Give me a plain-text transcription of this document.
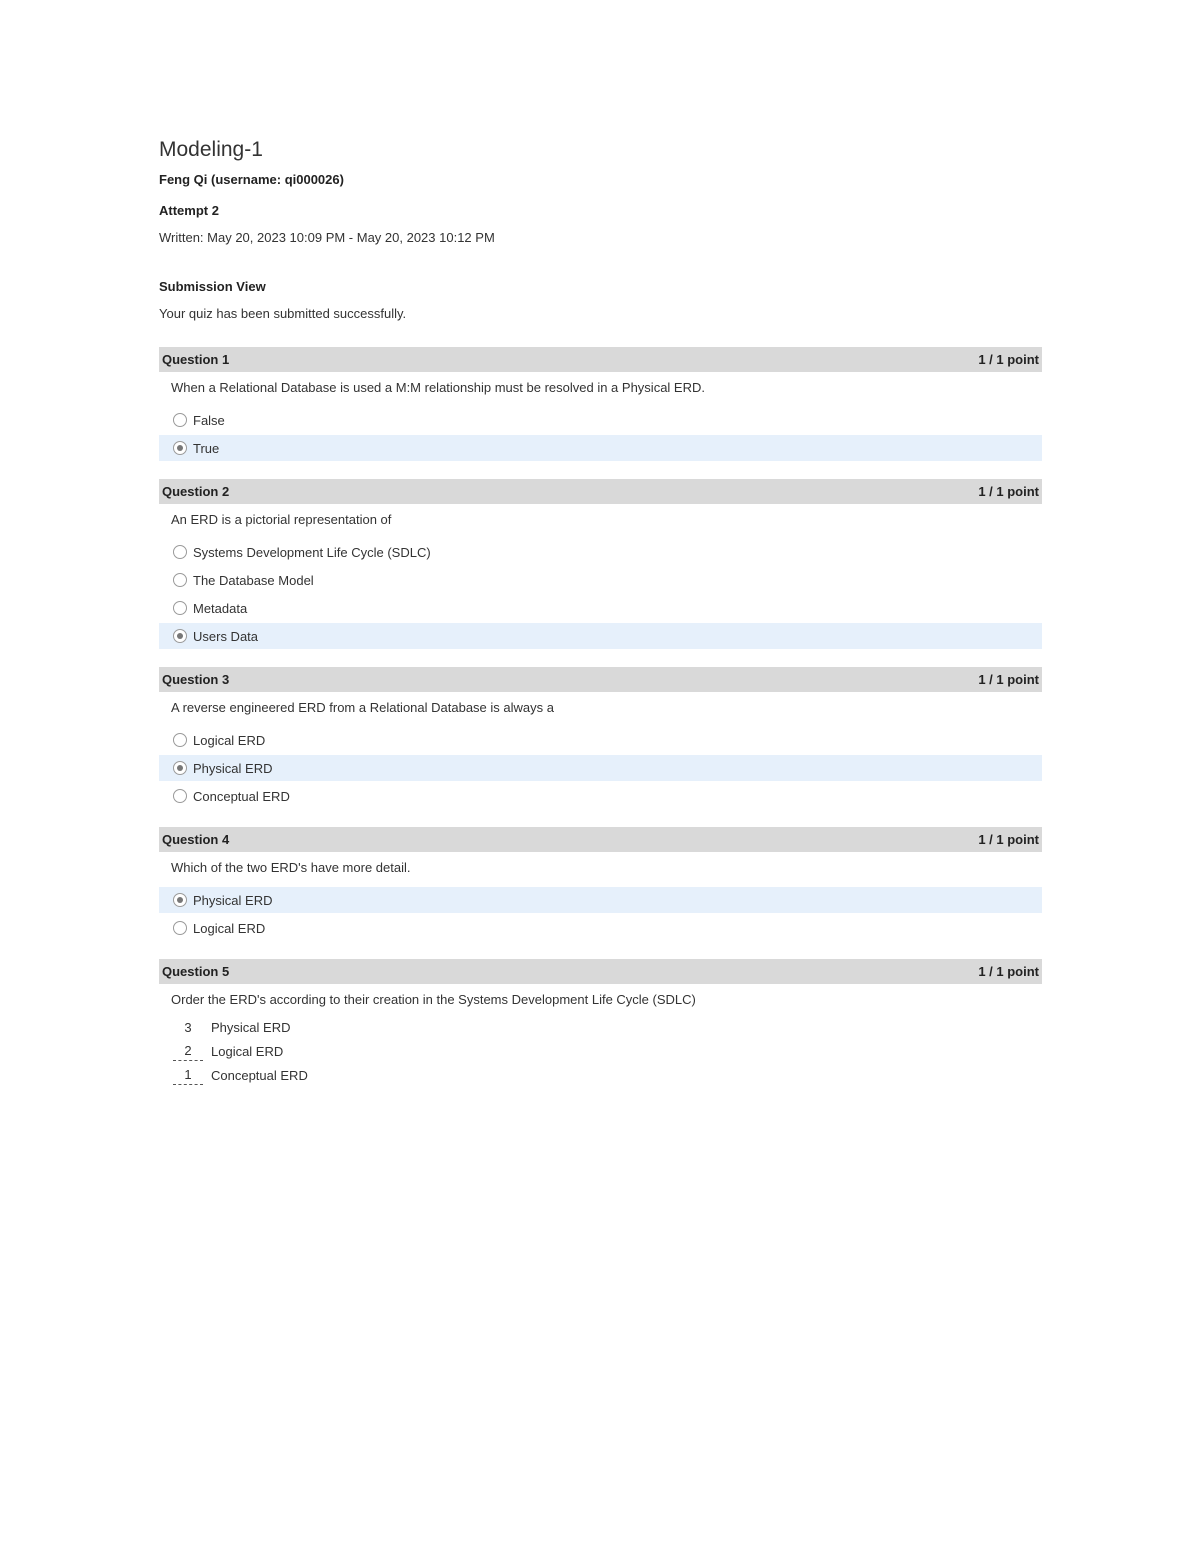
Modeling-1
Feng Qi (username: qi000026)
Attempt 2
Written: May 20, 2023 10:09 PM - May 20, 2023 10:12 PM
Submission View
Your quiz has been submitted successfully.
Question 1	1 / 1 point
When a Relational Database is used a M:M relationship must be resolved in a Physical ERD.
False
True
Question 2	1 / 1 point
An ERD is a pictorial representation of
Systems Development Life Cycle (SDLC)
The Database Model
Metadata
Users Data
Question 3	1 / 1 point
A reverse engineered ERD from a Relational Database is always a
Logical ERD
Physical ERD
Conceptual ERD
Question 4	1 / 1 point
Which of the two ERD's have more detail.
Physical ERD
Logical ERD
Question 5	1 / 1 point
Order the ERD's according to their creation in the Systems Development Life Cycle (SDLC)
3	Physical ERD
2	Logical ERD
1	Conceptual ERD
